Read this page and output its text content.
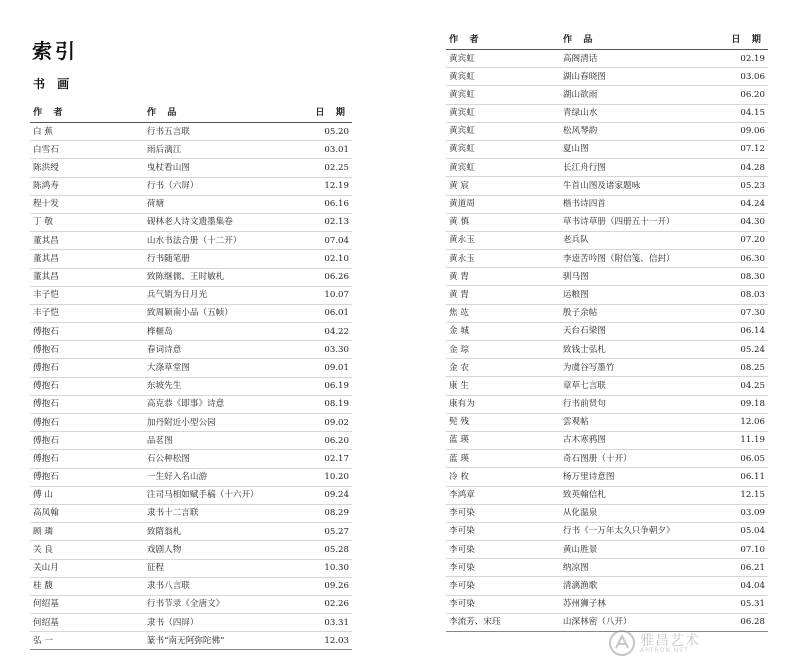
索引
书 画
作 者	作 品	日 期
白 蕉	行书五言联	05.20
白雪石	雨后漓江	03.01
陈洪绶	曳杖看山图	02.25
陈鸿寿	行书（六屏）	12.19
程十发	荷塘	06.16
丁 敬	砚林老人诗文遗墨集卷	02.13
董其昌	山水书法合册（十二开）	07.04
董其昌	行书随笔册	02.10
董其昌	致陈继儒、王时敏札	06.26
丰子恺	兵气销为日月光	10.07
丰子恺	致周颖南小品（五帧）	06.01
傅抱石	桦榧岛	04.22
傅抱石	春词诗意	03.30
傅抱石	大涤草堂图	09.01
傅抱石	东坡先生	06.19
傅抱石	高克恭《即事》诗意	08.19
傅抱石	加丹附近小型公园	09.02
傅抱石	品茗图	06.20
傅抱石	石公种松图	02.17
傅抱石	一生好入名山游	10.20
傅 山	注司马相如赋手稿（十六开）	09.24
高凤翰	隶书十二言联	08.29
顾 璘	致隋翁札	05.27
关 良	戏剧人物	05.28
关山月	征程	10.30
桂 馥	隶书八言联	09.26
何绍基	行书节录《全唐文》	02.26
何绍基	隶书（四屏）	03.31
弘 一	篆书“南无阿弥陀佛”	12.03
作 者	作 品	日 期
黄宾虹	高阁清话	02.19
黄宾虹	湖山春晓图	03.06
黄宾虹	湖山欲雨	06.20
黄宾虹	青绿山水	04.15
黄宾虹	松风琴韵	09.06
黄宾虹	夏山图	07.12
黄宾虹	长江舟行图	04.28
黄 宸	牛首山图及诸家题咏	05.23
黄道周	楷书诗四首	04.24
黄 慎	草书诗草册（四册五十一开）	04.30
黄永玉	老兵队	07.20
黄永玉	李逵苦吟图（附信笺、信封）	06.30
黄 胄	驯马图	08.30
黄 胄	运粮图	08.03
焦 竑	殷子余帖	07.30
金 城	天台石梁图	06.14
金 琮	致钱士弘札	05.24
金 农	为虞谷写墨竹	08.25
康 生	章草七言联	04.25
康有为	行书前贤句	09.18
髡 残	雲观帖	12.06
蓝 瑛	古木寒鸦图	11.19
蓝 瑛	奇石图册（十开）	06.05
冷 枚	杨万里诗意图	06.11
李鸿章	致英翰信札	12.15
李可染	从化温泉	03.09
李可染	行书《一万年太久只争朝夕》	05.04
李可染	黄山胜景	07.10
李可染	纳凉图	06.21
李可染	清漓渔歌	04.04
李可染	苏州狮子林	05.31
李流芳、宋珏	山深林密（八开）	06.28
雅昌艺术
ARTRON.NET
